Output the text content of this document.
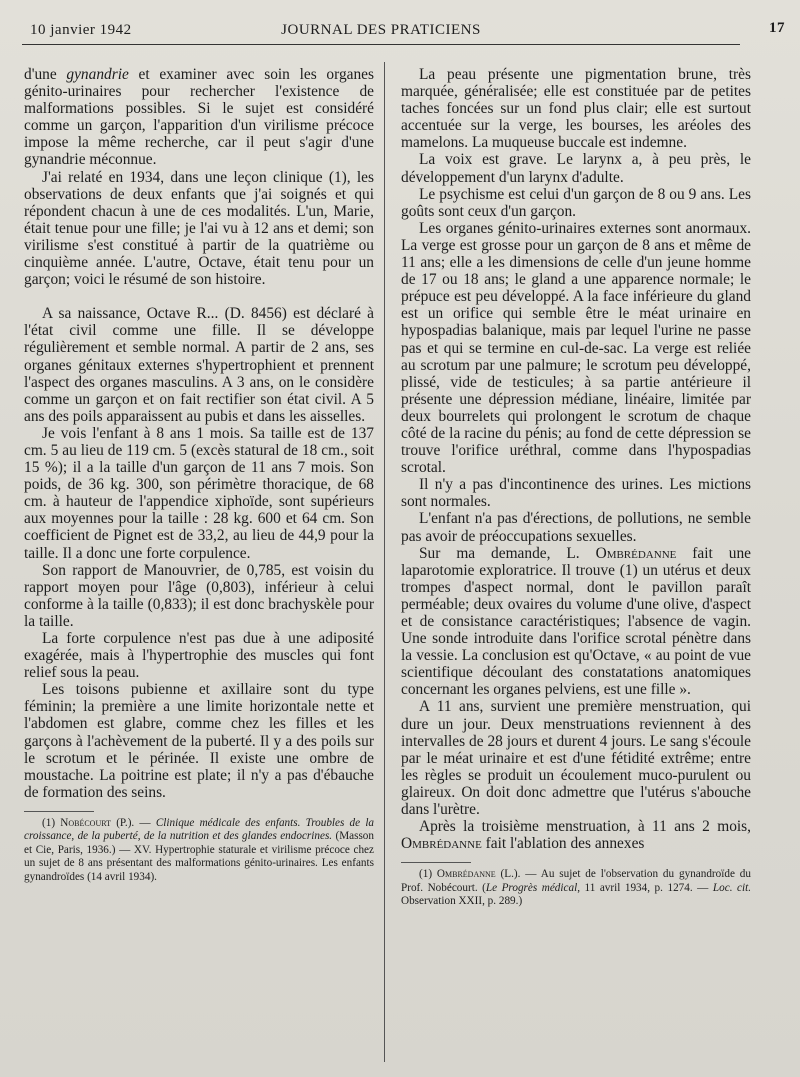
10 janvier 1942	JOURNAL DES PRATICIENS	17

d'une gynandrie et examiner avec soin les organes génito-urinaires pour rechercher l'existence de malformations possibles. Si le sujet est considéré comme un garçon, l'apparition d'un virilisme précoce impose la même recherche, car il peut s'agir d'une gynandrie méconnue.

J'ai relaté en 1934, dans une leçon clinique (1), les observations de deux enfants que j'ai soignés et qui répondent chacun à une de ces modalités. L'un, Marie, était tenue pour une fille; je l'ai vu à 12 ans et demi; son virilisme s'est constitué à partir de la quatrième ou cinquième année. L'autre, Octave, était tenu pour un garçon; voici le résumé de son histoire.

A sa naissance, Octave R... (D. 8456) est déclaré à l'état civil comme une fille. Il se développe régulièrement et semble normal. A partir de 2 ans, ses organes génitaux externes s'hypertrophient et prennent l'aspect des organes masculins. A 3 ans, on le considère comme un garçon et on fait rectifier son état civil. A 5 ans des poils apparaissent au pubis et dans les aisselles.

Je vois l'enfant à 8 ans 1 mois. Sa taille est de 137 cm. 5 au lieu de 119 cm. 5 (excès statural de 18 cm., soit 15 %); il a la taille d'un garçon de 11 ans 7 mois. Son poids, de 36 kg. 300, son périmètre thoracique, de 68 cm. à hauteur de l'appendice xiphoïde, sont supérieurs aux moyennes pour la taille : 28 kg. 600 et 64 cm. Son coefficient de Pignet est de 33,2, au lieu de 44,9 pour la taille. Il a donc une forte corpulence.

Son rapport de Manouvrier, de 0,785, est voisin du rapport moyen pour l'âge (0,803), inférieur à celui conforme à la taille (0,833); il est donc brachyskèle pour la taille.

La forte corpulence n'est pas due à une adiposité exagérée, mais à l'hypertrophie des muscles qui font relief sous la peau.

Les toisons pubienne et axillaire sont du type féminin; la première a une limite horizontale nette et l'abdomen est glabre, comme chez les filles et les garçons à l'achèvement de la puberté. Il y a des poils sur le scrotum et le périnée. Il existe une ombre de moustache. La poitrine est plate; il n'y a pas d'ébauche de formation des seins.

(1) Nobécourt (P.). — Clinique médicale des enfants. Troubles de la croissance, de la puberté, de la nutrition et des glandes endocrines. (Masson et Cie, Paris, 1936.) — XV. Hypertrophie staturale et virilisme précoce chez un sujet de 8 ans présentant des malformations génito-urinaires. Les enfants gynandroïdes (14 avril 1934).

La peau présente une pigmentation brune, très marquée, généralisée; elle est constituée par de petites taches foncées sur un fond plus clair; elle est surtout accentuée sur la verge, les bourses, les aréoles des mamelons. La muqueuse buccale est indemne.

La voix est grave. Le larynx a, à peu près, le développement d'un larynx d'adulte.

Le psychisme est celui d'un garçon de 8 ou 9 ans. Les goûts sont ceux d'un garçon.

Les organes génito-urinaires externes sont anormaux. La verge est grosse pour un garçon de 8 ans et même de 11 ans; elle a les dimensions de celle d'un jeune homme de 17 ou 18 ans; le gland a une apparence normale; le prépuce est peu développé. A la face inférieure du gland est un orifice qui semble être le méat urinaire en hypospadias balanique, mais par lequel l'urine ne passe pas et qui se termine en cul-de-sac. La verge est reliée au scrotum par une palmure; le scrotum peu développé, plissé, vide de testicules; à sa partie antérieure il présente une dépression médiane, linéaire, limitée par deux bourrelets qui prolongent le scrotum de chaque côté de la racine du pénis; au fond de cette dépression se trouve l'orifice uréthral, comme dans l'hypospadias scrotal.

Il n'y a pas d'incontinence des urines. Les mictions sont normales.

L'enfant n'a pas d'érections, de pollutions, ne semble pas avoir de préoccupations sexuelles.

Sur ma demande, L. Ombrédanne fait une laparotomie exploratrice. Il trouve (1) un utérus et deux trompes d'aspect normal, dont le pavillon paraît perméable; deux ovaires du volume d'une olive, d'aspect et de consistance caractéristiques; l'absence de vagin. Une sonde introduite dans l'orifice scrotal pénètre dans la vessie. La conclusion est qu'Octave, « au point de vue scientifique découlant des constatations anatomiques concernant les organes pelviens, est une fille ».

A 11 ans, survient une première menstruation, qui dure un jour. Deux menstruations reviennent à des intervalles de 28 jours et durent 4 jours. Le sang s'écoule par le méat urinaire et est d'une fétidité extrême; entre les règles se produit un écoulement muco-purulent ou glaireux. On doit donc admettre que l'utérus s'abouche dans l'urètre.

Après la troisième menstruation, à 11 ans 2 mois, Ombrédanne fait l'ablation des annexes

(1) Ombrédanne (L.). — Au sujet de l'observation du gynandroïde du Prof. Nobécourt. (Le Progrès médical, 11 avril 1934, p. 1274. — Loc. cit. Observation XXII, p. 289.)
